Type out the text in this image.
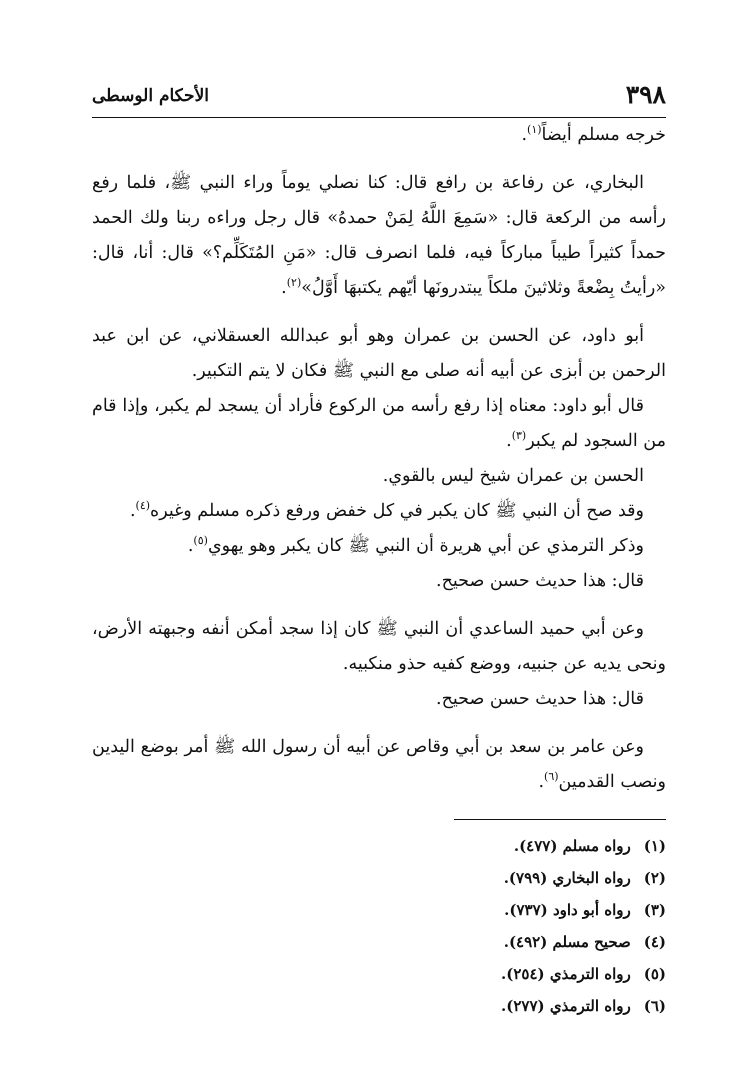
٣٩٨
الأحكام الوسطى

خرجه مسلم أيضاً$^{(١)}$.

البخاري، عن رفاعة بن رافع قال: كنا نصلي يوماً وراء النبي ﷺ، فلما رفع رأسه من الركعة قال: «سَمِعَ اللَّهُ لِمَنْ حمدهُ» قال رجل وراءه ربنا ولك الحمد حمداً كثيراً طيباً مباركاً فيه، فلما انصرف قال: «مَنِ المُتَكَلِّم؟» قال: أنا، قال: «رأيتُ بِضْعةً وثلاثينَ ملكاً يبتدرونَها أيّهم يكتبهَا أَوَّلُ»$^{(٢)}$.

أبو داود، عن الحسن بن عمران وهو أبو عبدالله العسقلاني، عن ابن عبد الرحمن بن أبزى عن أبيه أنه صلى مع النبي ﷺ فكان لا يتم التكبير.

قال أبو داود: معناه إذا رفع رأسه من الركوع فأراد أن يسجد لم يكبر، وإذا قام من السجود لم يكبر$^{(٣)}$.

الحسن بن عمران شيخ ليس بالقوي.

وقد صح أن النبي ﷺ كان يكبر في كل خفض ورفع ذكره مسلم وغيره$^{(٤)}$.

وذكر الترمذي عن أبي هريرة أن النبي ﷺ كان يكبر وهو يهوي$^{(٥)}$.

قال: هذا حديث حسن صحيح.

وعن أبي حميد الساعدي أن النبي ﷺ كان إذا سجد أمكن أنفه وجبهته الأرض، ونحى يديه عن جنبيه، ووضع كفيه حذو منكبيه.

قال: هذا حديث حسن صحيح.

وعن عامر بن سعد بن أبي وقاص عن أبيه أن رسول الله ﷺ أمر بوضع اليدين ونصب القدمين$^{(٦)}$.

(١) رواه مسلم (٤٧٧).

(٢) رواه البخاري (٧٩٩).

(٣) رواه أبو داود (٧٣٧).

(٤) صحيح مسلم (٤٩٢).

(٥) رواه الترمذي (٢٥٤).

(٦) رواه الترمذي (٢٧٧).
